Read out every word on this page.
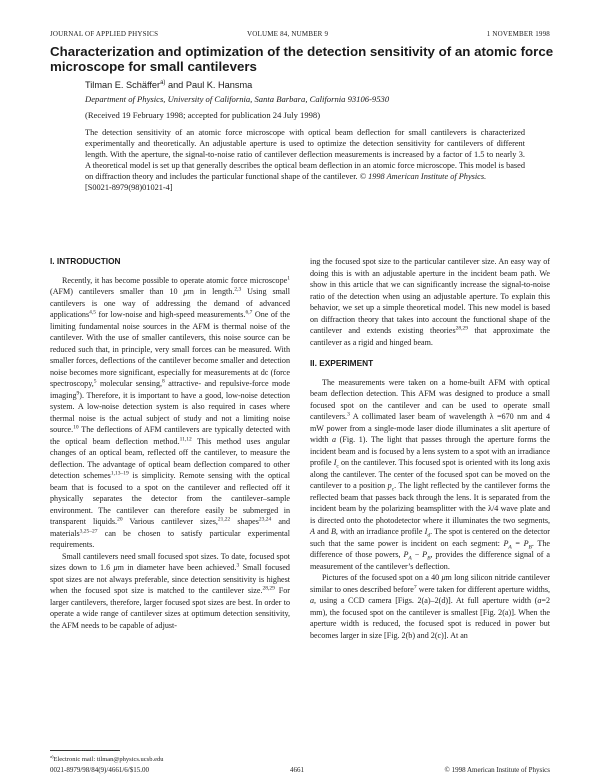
JOURNAL OF APPLIED PHYSICS	VOLUME 84, NUMBER 9	1 NOVEMBER 1998
Characterization and optimization of the detection sensitivity of an atomic force microscope for small cantilevers
Tilman E. Schäffer$^{a)}$ and Paul K. Hansma
Department of Physics, University of California, Santa Barbara, California 93106-9530
(Received 19 February 1998; accepted for publication 24 July 1998)
The detection sensitivity of an atomic force microscope with optical beam deflection for small cantilevers is characterized experimentally and theoretically. An adjustable aperture is used to optimize the detection sensitivity for cantilevers of different length. With the aperture, the signal-to-noise ratio of cantilever deflection measurements is increased by a factor of 1.5 to nearly 3. A theoretical model is set up that generally describes the optical beam deflection in an atomic force microscope. This model is based on diffraction theory and includes the particular functional shape of the cantilever. © 1998 American Institute of Physics.
[S0021-8979(98)01021-4]
I. INTRODUCTION

Recently, it has become possible to operate atomic force microscope$^1$ (AFM) cantilevers smaller than 10 μm in length.$^{2,3}$ Using small cantilevers is one way of addressing the demand of advanced applications$^{4,5}$ for low-noise and high-speed measurements.$^{6,7}$ One of the limiting fundamental noise sources in the AFM is thermal noise of the cantilever. With the use of smaller cantilevers, this noise source can be reduced such that, in principle, very small forces can be measured. With smaller forces, deflections of the cantilever become smaller and detection noise becomes more significant, especially for measurements at dc (force spectroscopy,$^5$ molecular sensing,$^8$ attractive- and repulsive-force mode imaging$^9$). Therefore, it is important to have a good, low-noise detection system. A low-noise detection system is also required in cases where thermal noise is the actual subject of study and not a limiting noise source.$^{10}$ The deflections of AFM cantilevers are typically detected with the optical beam deflection method.$^{11,12}$ This method uses angular changes of an optical beam, reflected off the cantilever, to measure the deflection. The advantage of optical beam deflection compared to other detection schemes$^{1,13-19}$ is simplicity. Remote sensing with the optical beam that is focused to a spot on the cantilever and reflected off it physically separates the detector from the cantilever–sample environment. The cantilever can therefore easily be submerged in transparent liquids.$^{20}$ Various cantilever sizes,$^{21,22}$ shapes$^{23,24}$ and materials$^{3,25-27}$ can be chosen to satisfy particular experimental requirements.

Small cantilevers need small focused spot sizes. To date, focused spot sizes down to 1.6 μm in diameter have been achieved.$^3$ Small focused spot sizes are not always preferable, since detection sensitivity is highest when the focused spot size is matched to the cantilever size.$^{28,29}$ For larger cantilevers, therefore, larger focused spot sizes are best. In order to operate a wide range of cantilever sizes at optimum detection sensitivity, the AFM needs to be capable of adjust-

ing the focused spot size to the particular cantilever size. An easy way of doing this is with an adjustable aperture in the incident beam path. We show in this article that we can significantly increase the signal-to-noise ratio of the detection when using an adjustable aperture. To explain this behavior, we set up a simple theoretical model. This new model is based on diffraction theory that takes into account the functional shape of the cantilever and extends existing theories$^{28,29}$ that approximate the cantilever as a rigid and hinged beam.

II. EXPERIMENT

The measurements were taken on a home-built AFM with optical beam deflection detection. This AFM was designed to produce a small focused spot on the cantilever and can be used to operate small cantilevers.$^3$ A collimated laser beam of wavelength λ =670 nm and 4 mW power from a single-mode laser diode illuminates a slit aperture of width a (Fig. 1). The light that passes through the aperture forms the incident beam and is focused by a lens system to a spot with an irradiance profile $I_c$ on the cantilever. This focused spot is oriented with its long axis along the cantilever. The center of the focused spot can be moved on the cantilever to a position $p_c$. The light reflected by the cantilever forms the reflected beam that passes back through the lens. It is separated from the incident beam by the polarizing beamsplitter with the λ/4 wave plate and is directed onto the photodetector where it illuminates the two segments, A and B, with an irradiance profile $I_d$. The spot is centered on the detector such that the same power is incident on each segment: $P_A = P_B$. The difference of those powers, $P_A - P_B$, provides the difference signal of a measurement of the cantilever’s deflection.

Pictures of the focused spot on a 40 μm long silicon nitride cantilever similar to ones described before$^7$ were taken for different aperture widths, a, using a CCD camera [Figs. 2(a)–2(d)]. At full aperture width (a=2 mm), the focused spot on the cantilever is smallest [Fig. 2(a)]. When the aperture width is reduced, the focused spot is reduced in power but becomes larger in size [Fig. 2(b) and 2(c)]. At an

$^{a)}$Electronic mail: tilman@physics.ucsb.edu
0021-8979/98/84(9)/4661/6/$15.00	4661	© 1998 American Institute of Physics
